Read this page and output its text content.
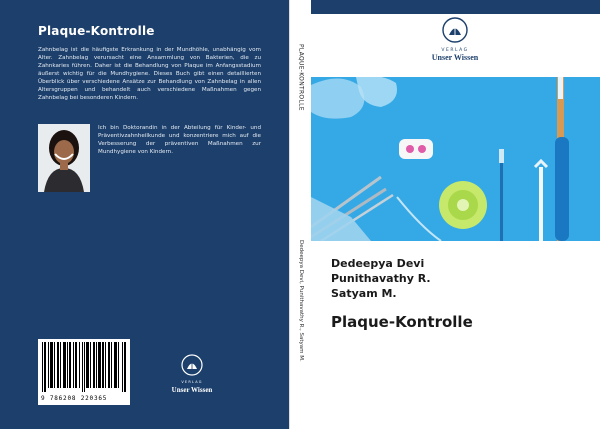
Plaque-Kontrolle
Zahnbelag ist die häufigste Erkrankung in der Mundhöhle, unabhängig vom Alter. Zahnbelag verursacht eine Ansammlung von Bakterien, die zu Zahnkaries führen. Daher ist die Behandlung von Plaque im Anfangsstadium äußerst wichtig für die Mundhygiene. Dieses Buch gibt einen detaillierten Überblick über verschiedene Ansätze zur Behandlung von Zahnbelag in allen Altersgruppen und behandelt auch verschiedene Maßnahmen gegen Zahnbelag bei besonderen Kindern.
Ich bin Doktorandin in der Abteilung für Kinder- und Präventivzahnheilkunde und konzentriere mich auf die Verbesserung der präventiven Maßnahmen zur Mundhygiene von Kindern.
9 786208 220365
VERLAG
Unser Wissen
PLAQUE-KONTROLLE
Dedeepya Devi, Punithavathy R., Satyam M.
VERLAG
Unser Wissen
Dedeepya Devi
Punithavathy R.
Satyam M.
Plaque-Kontrolle
